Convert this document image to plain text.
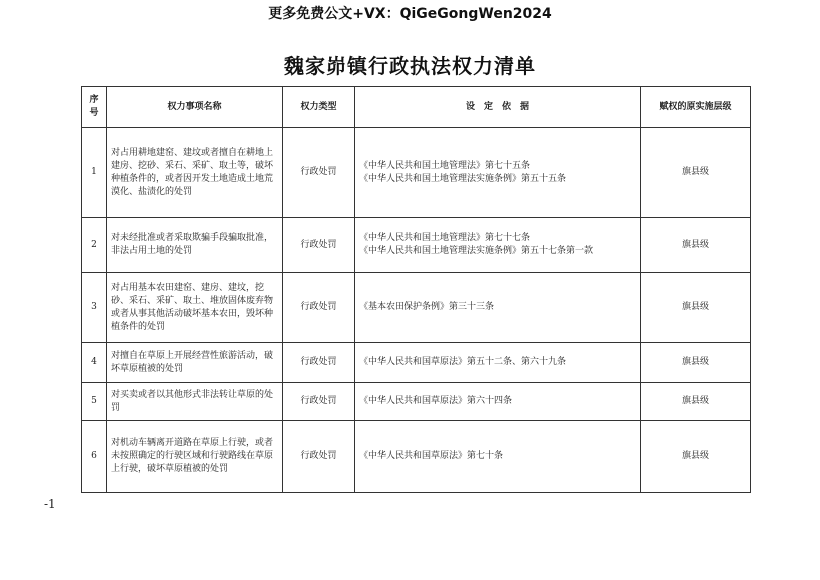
更多免费公文+VX：QiGeGongWen2024
魏家峁镇行政执法权力清单
序号	权力事项名称	权力类型	设　定　依　据	赋权的原实施层级
1	对占用耕地建窑、建坟或者擅自在耕地上建房、挖砂、采石、采矿、取土等，破坏种植条件的，或者因开发土地造成土地荒漠化、盐渍化的处罚	行政处罚	《中华人民共和国土地管理法》第七十五条
《中华人民共和国土地管理法实施条例》第五十五条	旗县级
2	对未经批准或者采取欺骗手段骗取批准，非法占用土地的处罚	行政处罚	《中华人民共和国土地管理法》第七十七条
《中华人民共和国土地管理法实施条例》第五十七条第一款	旗县级
3	对占用基本农田建窑、建房、建坟，挖砂、采石、采矿、取土、堆放固体废弃物或者从事其他活动破坏基本农田，毁坏种植条件的处罚	行政处罚	《基本农田保护条例》第三十三条	旗县级
4	对擅自在草原上开展经营性旅游活动，破坏草原植被的处罚	行政处罚	《中华人民共和国草原法》第五十二条、第六十九条	旗县级
5	对买卖或者以其他形式非法转让草原的处罚	行政处罚	《中华人民共和国草原法》第六十四条	旗县级
6	对机动车辆离开道路在草原上行驶，或者未按照确定的行驶区域和行驶路线在草原上行驶，破坏草原植被的处罚	行政处罚	《中华人民共和国草原法》第七十条	旗县级
-1
